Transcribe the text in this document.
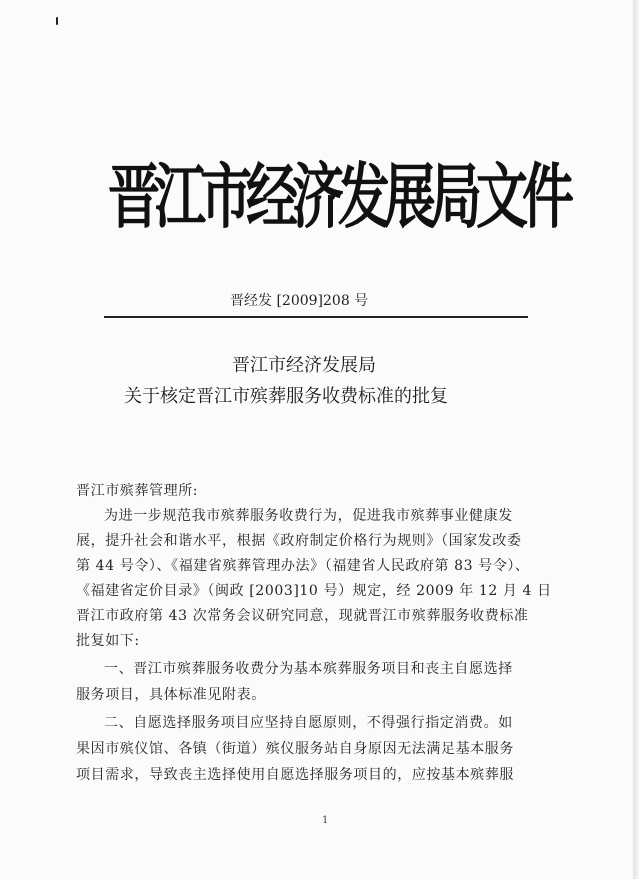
晋江市经济发展局文件
晋经发 [2009]208 号
晋江市经济发展局
关于核定晋江市殡葬服务收费标准的批复
晋江市殡葬管理所:
为进一步规范我市殡葬服务收费行为，促进我市殡葬事业健康发
展，提升社会和谐水平，根据《政府制定价格行为规则》（国家发改委
第 44 号令）、《福建省殡葬管理办法》（福建省人民政府第 83 号令）、
《福建省定价目录》（闽政 [2003]10 号）规定，经 2009 年 12 月 4 日
晋江市政府第 43 次常务会议研究同意，现就晋江市殡葬服务收费标准
批复如下:
一、晋江市殡葬服务收费分为基本殡葬服务项目和丧主自愿选择
服务项目，具体标准见附表。
二、自愿选择服务项目应坚持自愿原则，不得强行指定消费。如
果因市殡仪馆、各镇（街道）殡仪服务站自身原因无法满足基本服务
项目需求，导致丧主选择使用自愿选择服务项目的，应按基本殡葬服
1
